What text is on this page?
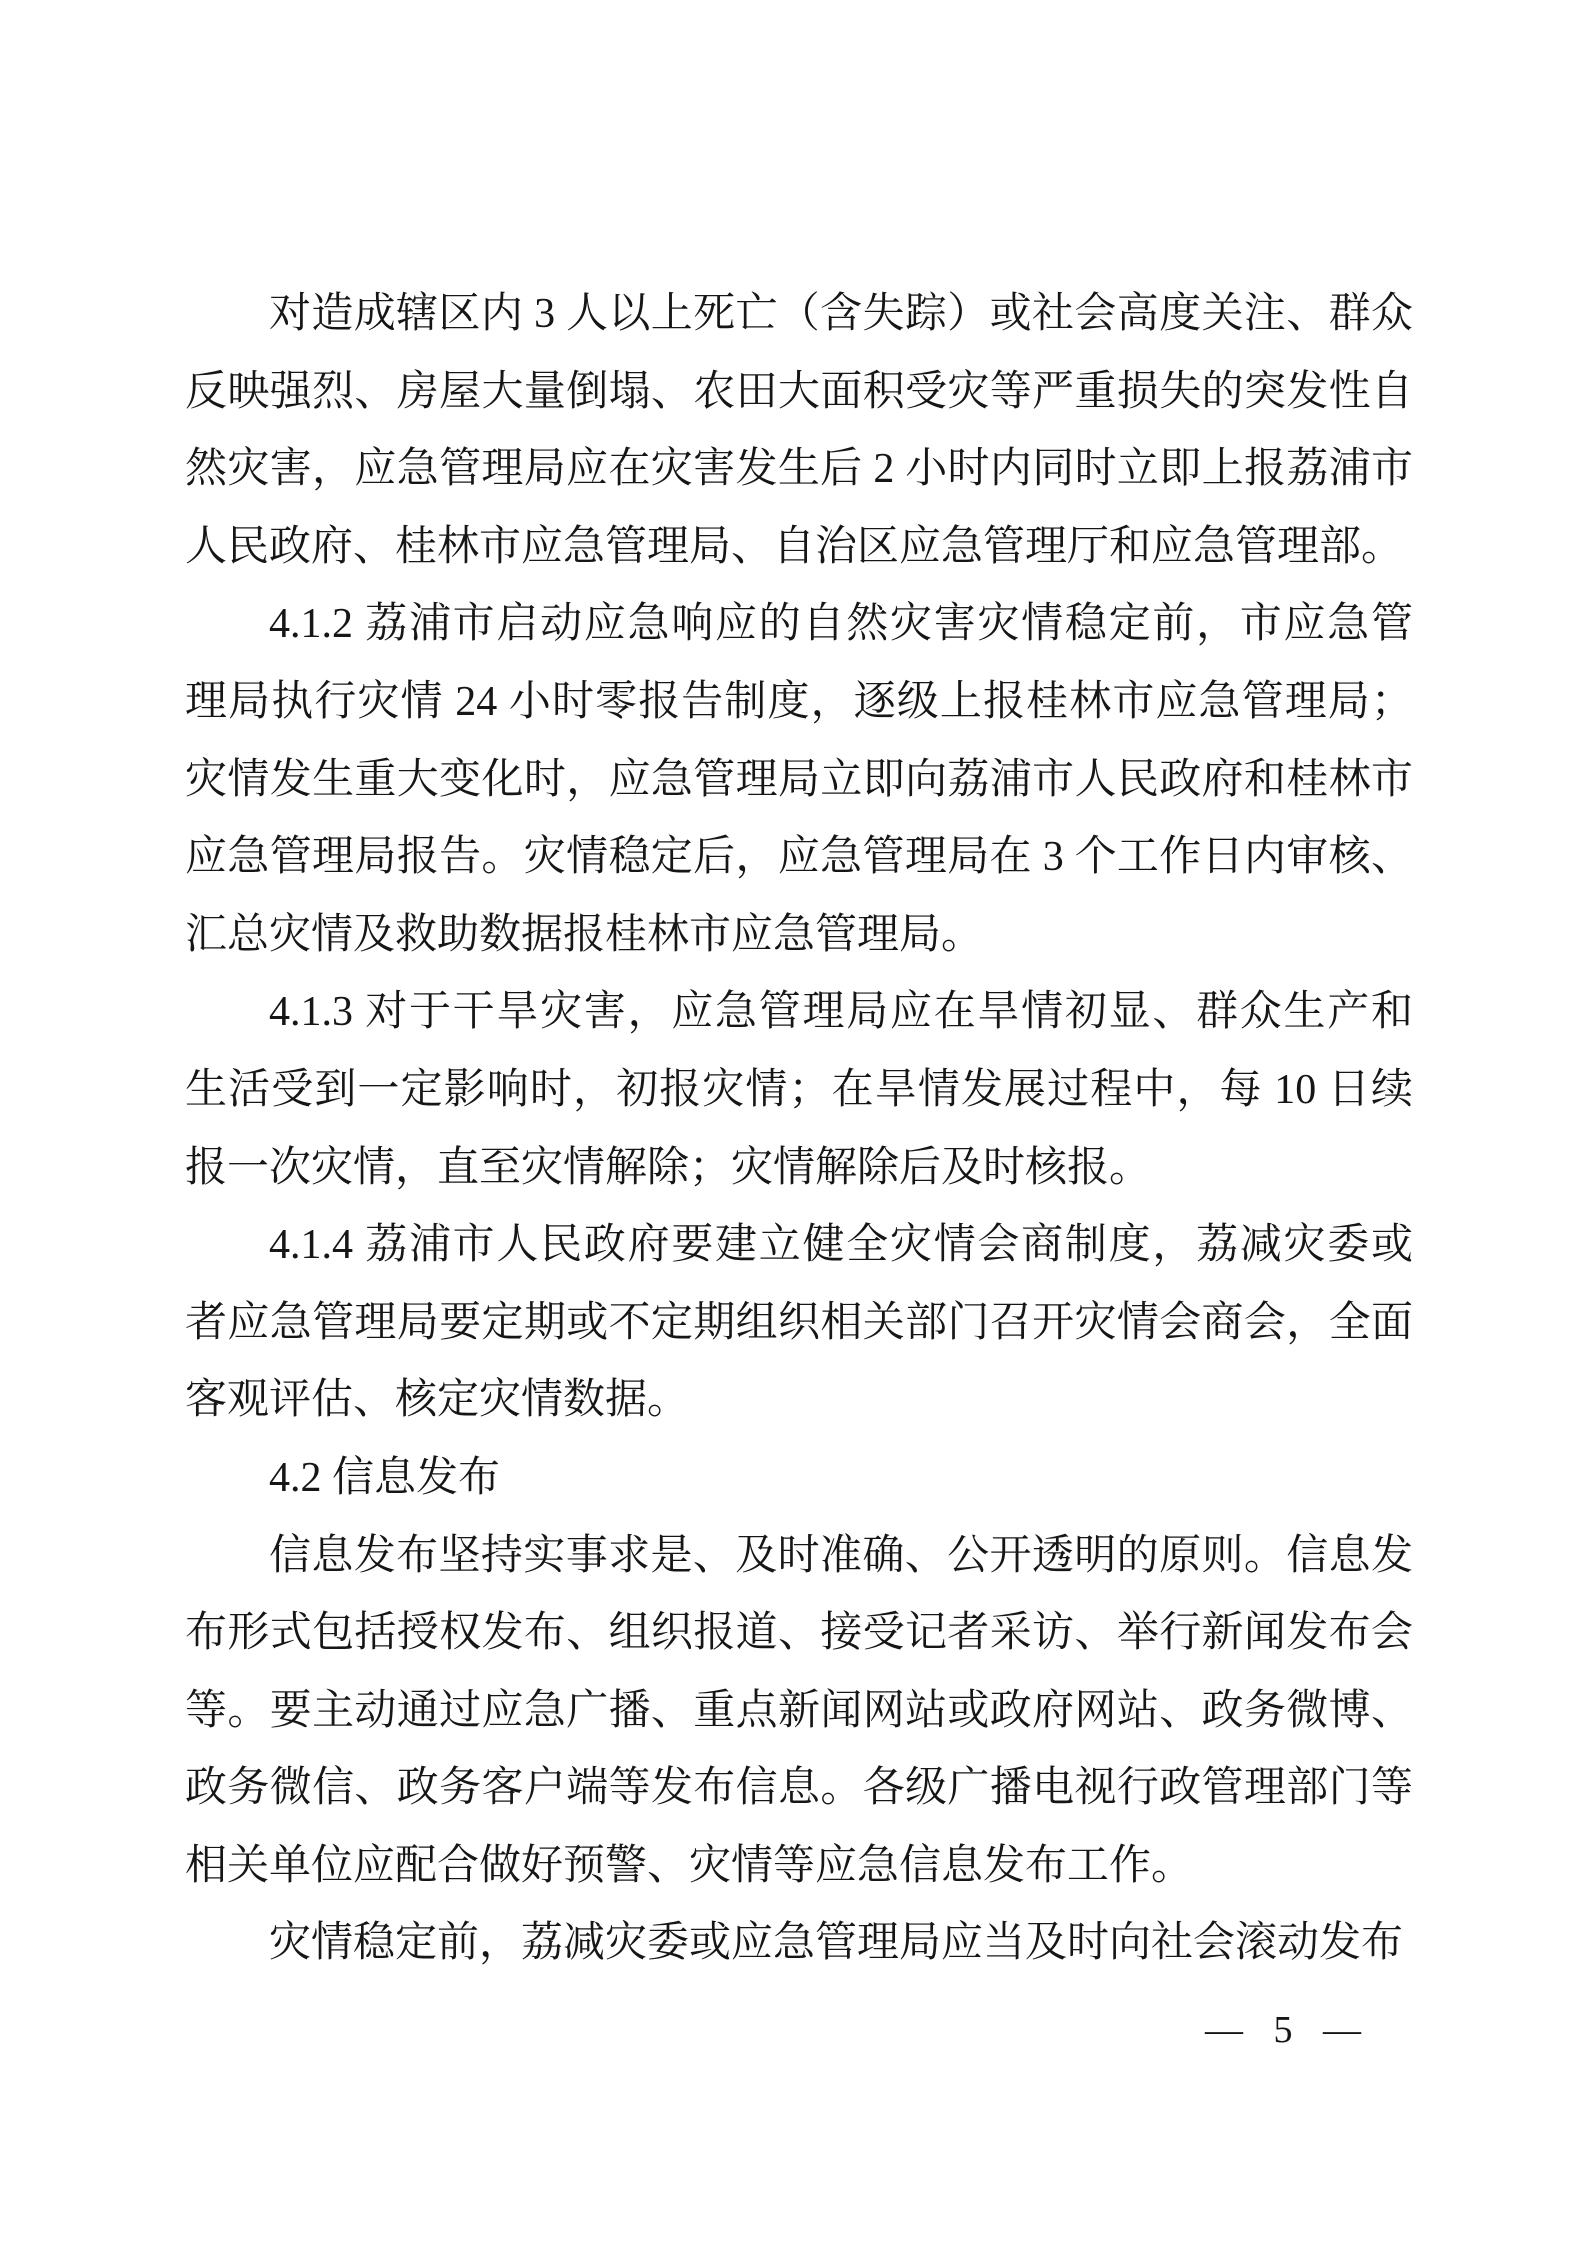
对造成辖区内 3 人以上死亡（含失踪）或社会高度关注、群众反映强烈、房屋大量倒塌、农田大面积受灾等严重损失的突发性自然灾害，应急管理局应在灾害发生后 2 小时内同时立即上报荔浦市人民政府、桂林市应急管理局、自治区应急管理厅和应急管理部。

4.1.2 荔浦市启动应急响应的自然灾害灾情稳定前，市应急管理局执行灾情 24 小时零报告制度，逐级上报桂林市应急管理局；灾情发生重大变化时，应急管理局立即向荔浦市人民政府和桂林市应急管理局报告。灾情稳定后，应急管理局在 3 个工作日内审核、汇总灾情及救助数据报桂林市应急管理局。

4.1.3 对于干旱灾害，应急管理局应在旱情初显、群众生产和生活受到一定影响时，初报灾情；在旱情发展过程中，每 10 日续报一次灾情，直至灾情解除；灾情解除后及时核报。

4.1.4 荔浦市人民政府要建立健全灾情会商制度，荔减灾委或者应急管理局要定期或不定期组织相关部门召开灾情会商会，全面客观评估、核定灾情数据。

4.2 信息发布

信息发布坚持实事求是、及时准确、公开透明的原则。信息发布形式包括授权发布、组织报道、接受记者采访、举行新闻发布会等。要主动通过应急广播、重点新闻网站或政府网站、政务微博、政务微信、政务客户端等发布信息。各级广播电视行政管理部门等相关单位应配合做好预警、灾情等应急信息发布工作。

灾情稳定前，荔减灾委或应急管理局应当及时向社会滚动发布

— 5 —
